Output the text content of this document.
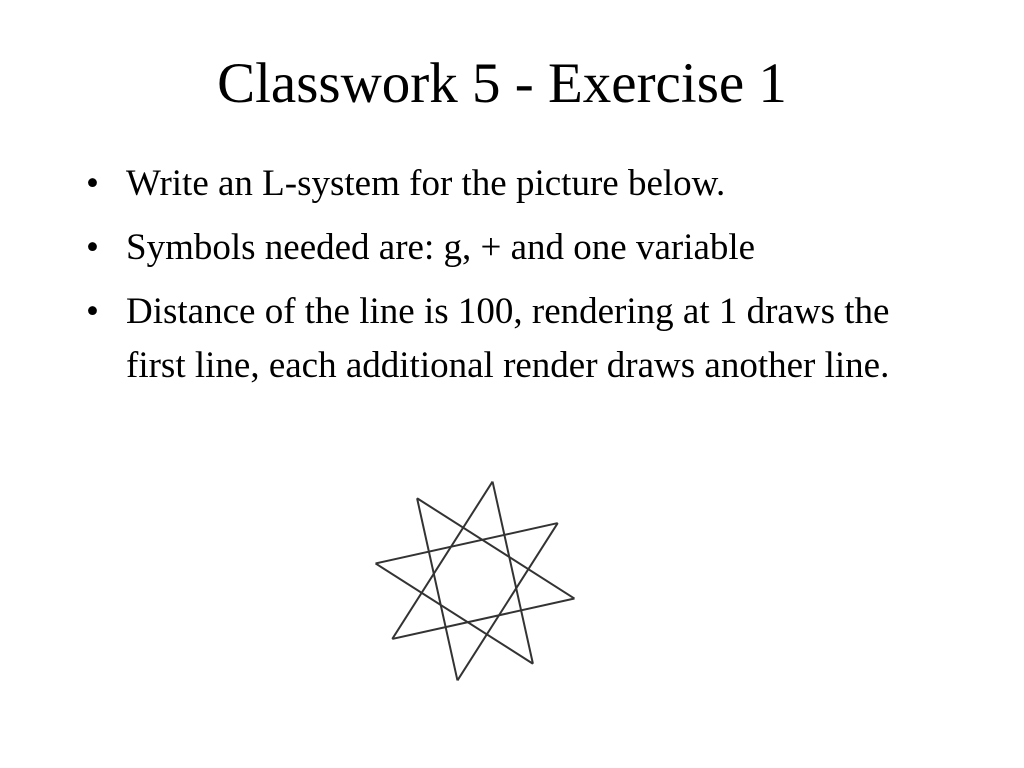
Classwork 5 - Exercise 1
• Write an L-system for the picture below.
• Symbols needed are: g, + and one variable
• Distance of the line is 100, rendering at 1 draws the first line, each additional render draws another line.
